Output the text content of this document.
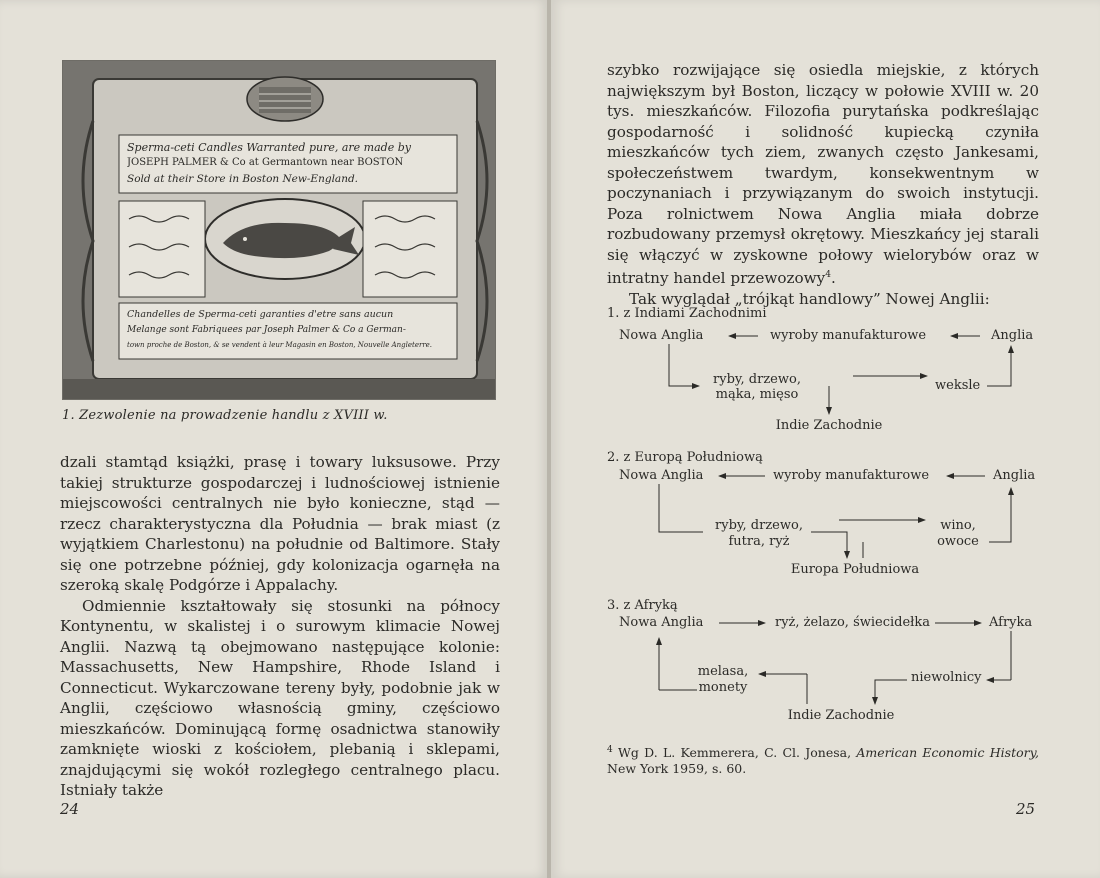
Sperma-ceti Candles Warranted pure, are made by
JOSEPH PALMER & Co at Germantown near BOSTON
Sold at their Store in Boston New-England.
Chandelles de Sperma-ceti garanties d'etre sans aucun
Melange sont Fabriquees par Joseph Palmer & Co a German-
town proche de Boston, & se vendent à leur Magasin en Boston, Nouvelle Angleterre.
1. Zezwolenie na prowadzenie handlu z XVIII w.

dzali stamtąd książki, prasę i towary luksusowe. Przy takiej strukturze gospodarczej i ludnościowej istnienie miejscowości centralnych nie było konieczne, stąd — rzecz charakterystyczna dla Południa — brak miast (z wyjątkiem Charlestonu) na południe od Baltimore. Stały się one potrzebne później, gdy kolonizacja ogarnęła na szeroką skalę Podgórze i Appalachy.

Odmiennie kształtowały się stosunki na północy Kontynentu, w skalistej i o surowym klimacie Nowej Anglii. Nazwą tą obejmowano następujące kolonie: Massachusetts, New Hampshire, Rhode Island i Connecticut. Wykarczowane tereny były, podobnie jak w Anglii, częściowo własnością gminy, częściowo mieszkańców. Dominującą formę osadnictwa stanowiły zamknięte wioski z kościołem, plebanią i sklepami, znajdującymi się wokół rozległego centralnego placu. Istniały także

24

szybko rozwijające się osiedla miejskie, z których największym był Boston, liczący w połowie XVIII w. 20 tys. mieszkańców. Filozofia purytańska podkreślając gospodarność i solidność kupiecką czyniła mieszkańców tych ziem, zwanych często Jankesami, społeczeństwem twardym, konsekwentnym w poczynaniach i przywiązanym do swoich instytucji. Poza rolnictwem Nowa Anglia miała dobrze rozbudowany przemysł okrętowy. Mieszkańcy jej starali się włączyć w zyskowne połowy wielorybów oraz w intratny handel przewozowy$^4$.

Tak wyglądał „trójkąt handlowy” Nowej Anglii:

1. z Indiami Zachodnimi
Nowa Anglia	wyroby manufakturowe	Anglia
ryby, drzewo,
mąka, mięso
weksle
Indie Zachodnie
2. z Europą Południową
Nowa Anglia	wyroby manufakturowe	Anglia
ryby, drzewo,
futra, ryż
wino,
owoce
Europa Południowa
3. z Afryką
Nowa Anglia	ryż, żelazo, świecidełka	Afryka
melasa,
monety
niewolnicy
Indie Zachodnie
$^4$ Wg D. L. Kemmerera, C. Cl. Jonesa, American Economic History, New York 1959, s. 60.
25
